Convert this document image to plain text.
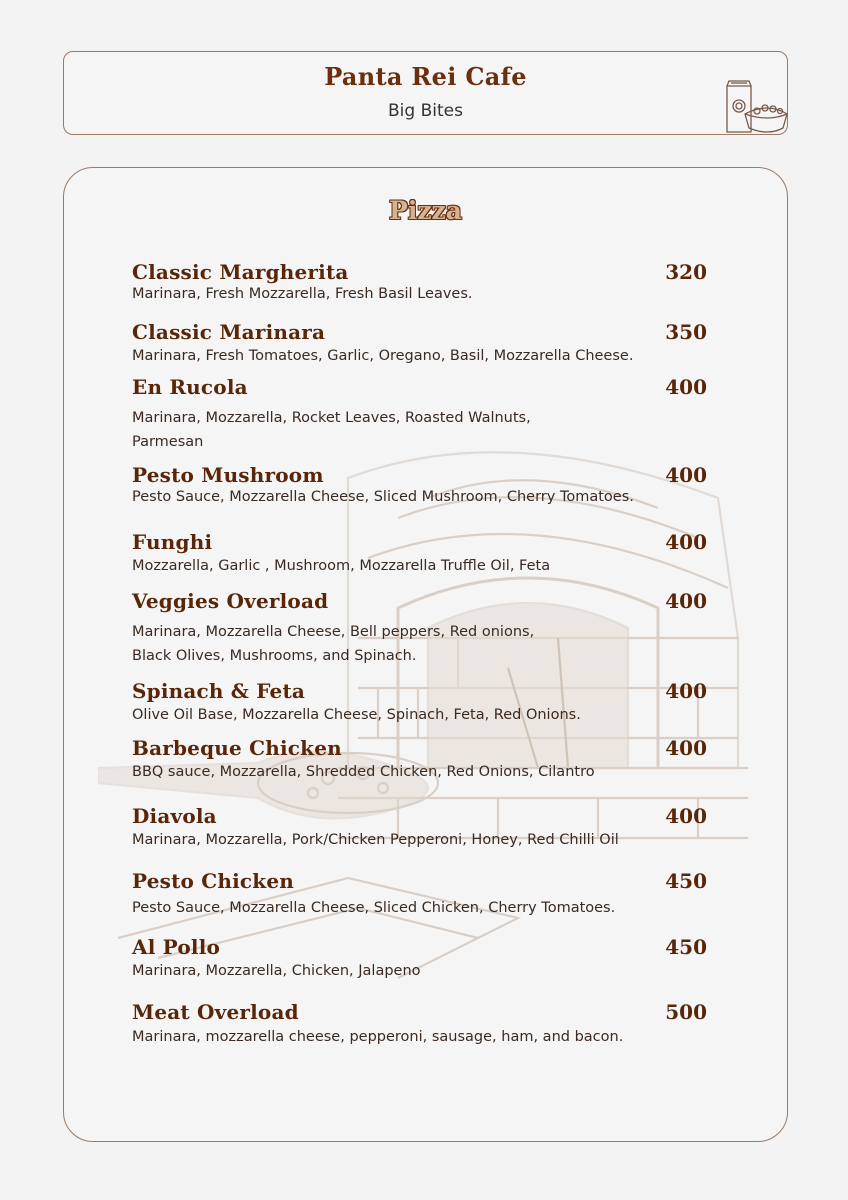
Panta Rei Cafe
Big Bites
Pizza
Classic Margherita	320
Marinara, Fresh Mozzarella, Fresh Basil Leaves.
Classic Marinara	350
Marinara, Fresh Tomatoes, Garlic, Oregano, Basil, Mozzarella Cheese.
En Rucola	400
Marinara, Mozzarella, Rocket Leaves, Roasted Walnuts, Parmesan
Pesto Mushroom	400
Pesto Sauce, Mozzarella Cheese, Sliced Mushroom, Cherry Tomatoes.
Funghi	400
Mozzarella, Garlic , Mushroom, Mozzarella Truffle Oil, Feta
Veggies Overload	400
Marinara, Mozzarella Cheese, Bell peppers, Red onions, Black Olives, Mushrooms, and Spinach.
Spinach & Feta	400
Olive Oil Base, Mozzarella Cheese, Spinach, Feta, Red Onions.
Barbeque Chicken	400
BBQ sauce, Mozzarella, Shredded Chicken, Red Onions, Cilantro
Diavola	400
Marinara, Mozzarella, Pork/Chicken Pepperoni, Honey, Red Chilli Oil
Pesto Chicken	450
Pesto Sauce, Mozzarella Cheese, Sliced Chicken, Cherry Tomatoes.
Al Pollo	450
Marinara, Mozzarella, Chicken, Jalapeno
Meat Overload	500
Marinara, mozzarella cheese, pepperoni, sausage, ham, and bacon.
